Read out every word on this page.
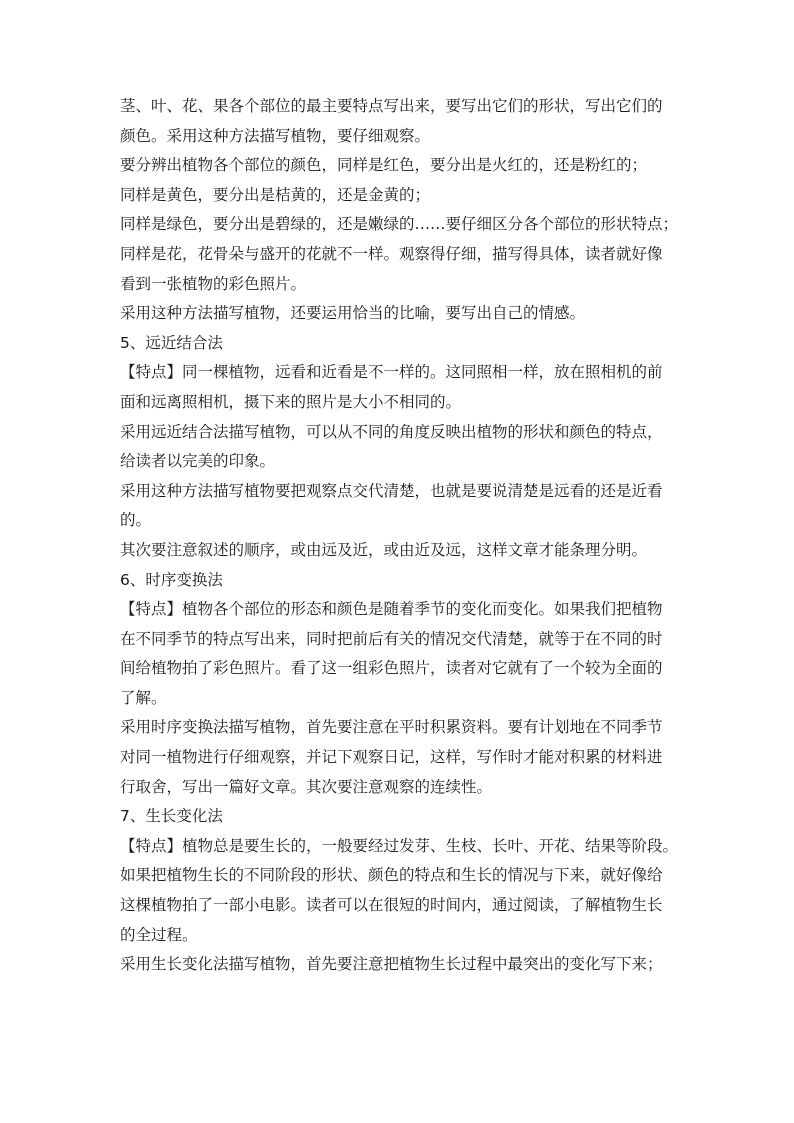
茎、叶、花、果各个部位的最主要特点写出来，要写出它们的形状，写出它们的
颜色。采用这种方法描写植物，要仔细观察。
要分辨出植物各个部位的颜色，同样是红色，要分出是火红的，还是粉红的；
同样是黄色，要分出是桔黄的，还是金黄的；
同样是绿色，要分出是碧绿的，还是嫩绿的……要仔细区分各个部位的形状特点；
同样是花，花骨朵与盛开的花就不一样。观察得仔细，描写得具体，读者就好像
看到一张植物的彩色照片。
采用这种方法描写植物，还要运用恰当的比喻，要写出自己的情感。
5、远近结合法
【特点】同一棵植物，远看和近看是不一样的。这同照相一样，放在照相机的前
面和远离照相机，摄下来的照片是大小不相同的。
采用远近结合法描写植物，可以从不同的角度反映出植物的形状和颜色的特点，
给读者以完美的印象。
采用这种方法描写植物要把观察点交代清楚，也就是要说清楚是远看的还是近看
的。
其次要注意叙述的顺序，或由远及近，或由近及远，这样文章才能条理分明。
6、时序变换法
【特点】植物各个部位的形态和颜色是随着季节的变化而变化。如果我们把植物
在不同季节的特点写出来，同时把前后有关的情况交代清楚，就等于在不同的时
间给植物拍了彩色照片。看了这一组彩色照片，读者对它就有了一个较为全面的
了解。
采用时序变换法描写植物，首先要注意在平时积累资料。要有计划地在不同季节
对同一植物进行仔细观察，并记下观察日记，这样，写作时才能对积累的材料进
行取舍，写出一篇好文章。其次要注意观察的连续性。
7、生长变化法
【特点】植物总是要生长的，一般要经过发芽、生枝、长叶、开花、结果等阶段。
如果把植物生长的不同阶段的形状、颜色的特点和生长的情况与下来，就好像给
这棵植物拍了一部小电影。读者可以在很短的时间内，通过阅读，了解植物生长
的全过程。
采用生长变化法描写植物，首先要注意把植物生长过程中最突出的变化写下来；
